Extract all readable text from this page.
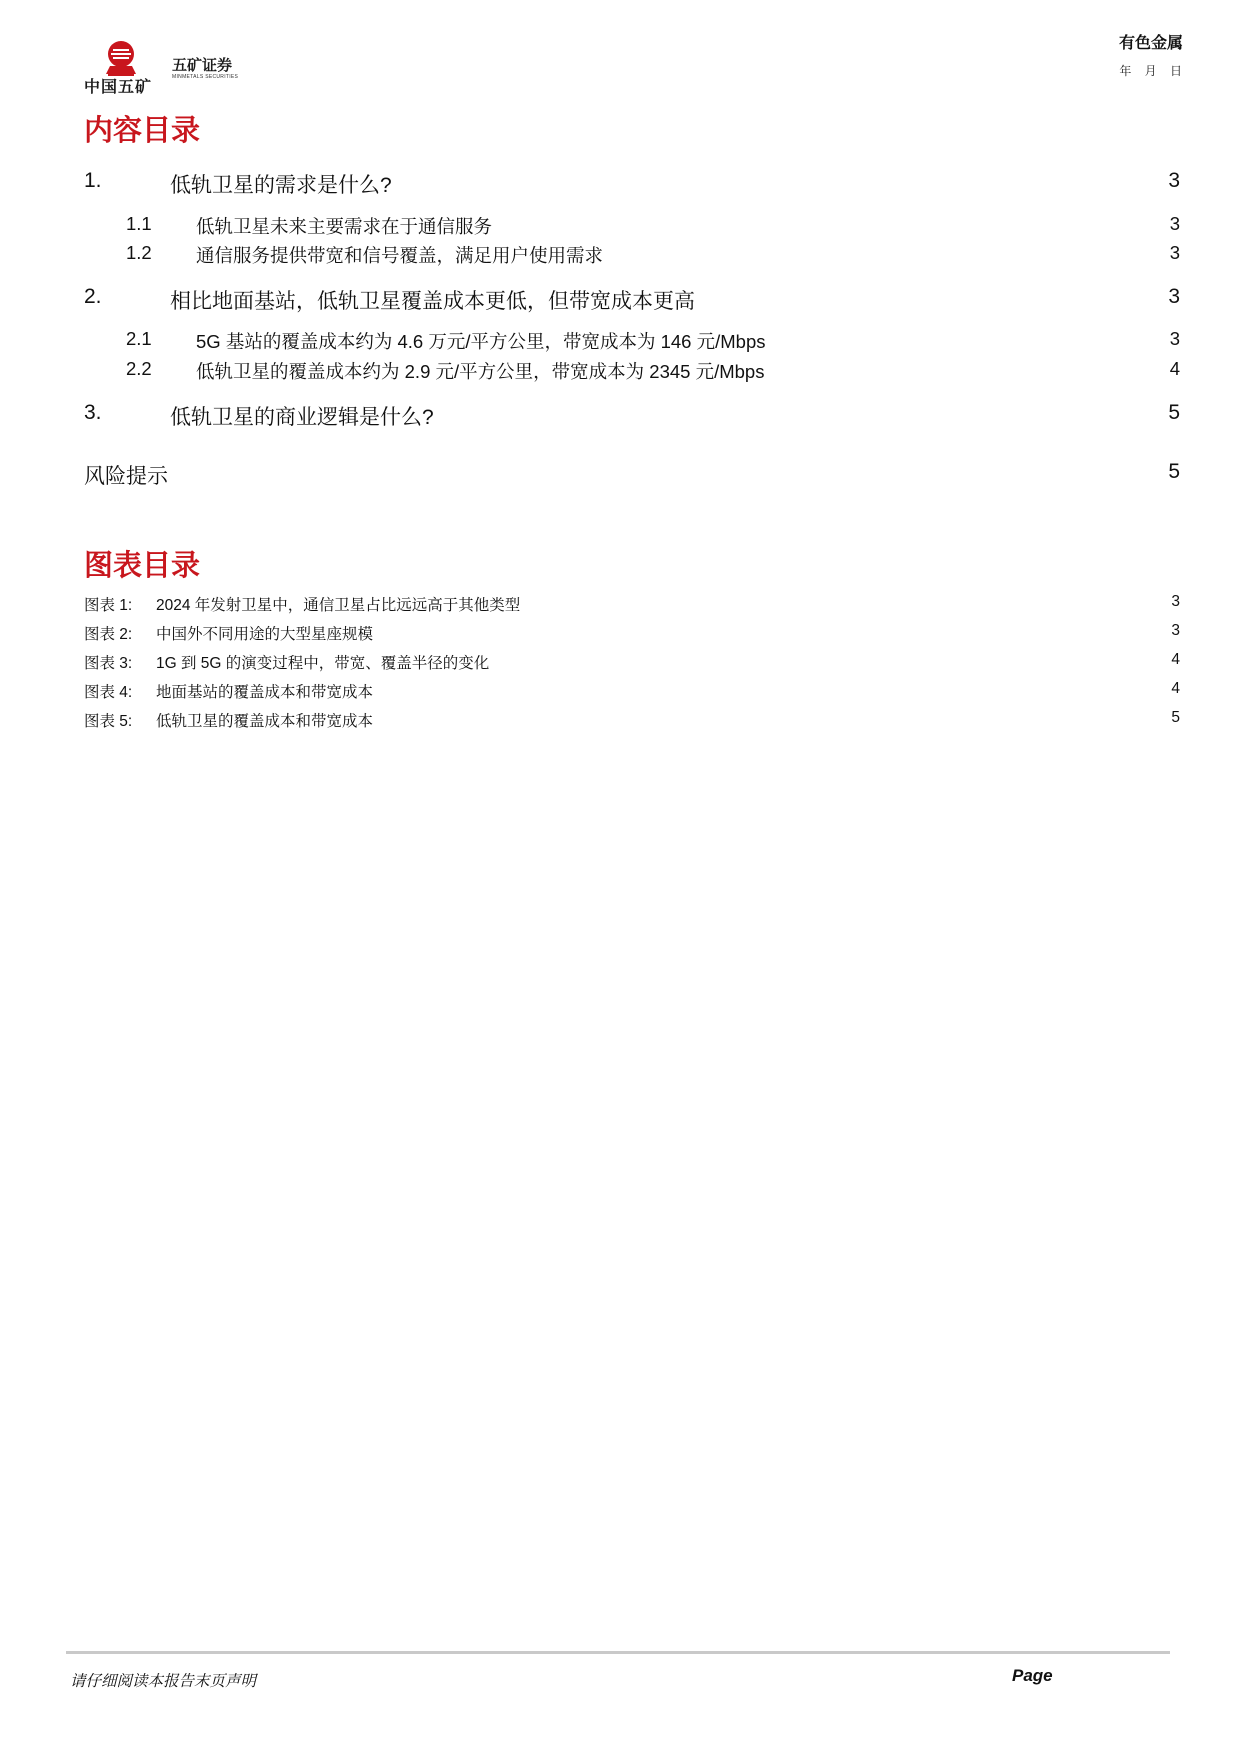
中国五矿
五矿证券
MINMETALS SECURITIES
有色金属
年 月 日
内容目录
1.	低轨卫星的需求是什么?	3
1.1 低轨卫星未来主要需求在于通信服务	3
1.2 通信服务提供带宽和信号覆盖，满足用户使用需求	3
2.	相比地面基站，低轨卫星覆盖成本更低，但带宽成本更高	3
2.1 5G 基站的覆盖成本约为 4.6 万元/平方公里，带宽成本为 146 元/Mbps	3
2.2 低轨卫星的覆盖成本约为 2.9 元/平方公里，带宽成本为 2345 元/Mbps	4
3.	低轨卫星的商业逻辑是什么?	5
风险提示	5
图表目录
图表 1: 2024 年发射卫星中，通信卫星占比远远高于其他类型	3
图表 2: 中国外不同用途的大型星座规模	3
图表 3: 1G 到 5G 的演变过程中，带宽、覆盖半径的变化	4
图表 4: 地面基站的覆盖成本和带宽成本	4
图表 5: 低轨卫星的覆盖成本和带宽成本	5
请仔细阅读本报告末页声明	Page
